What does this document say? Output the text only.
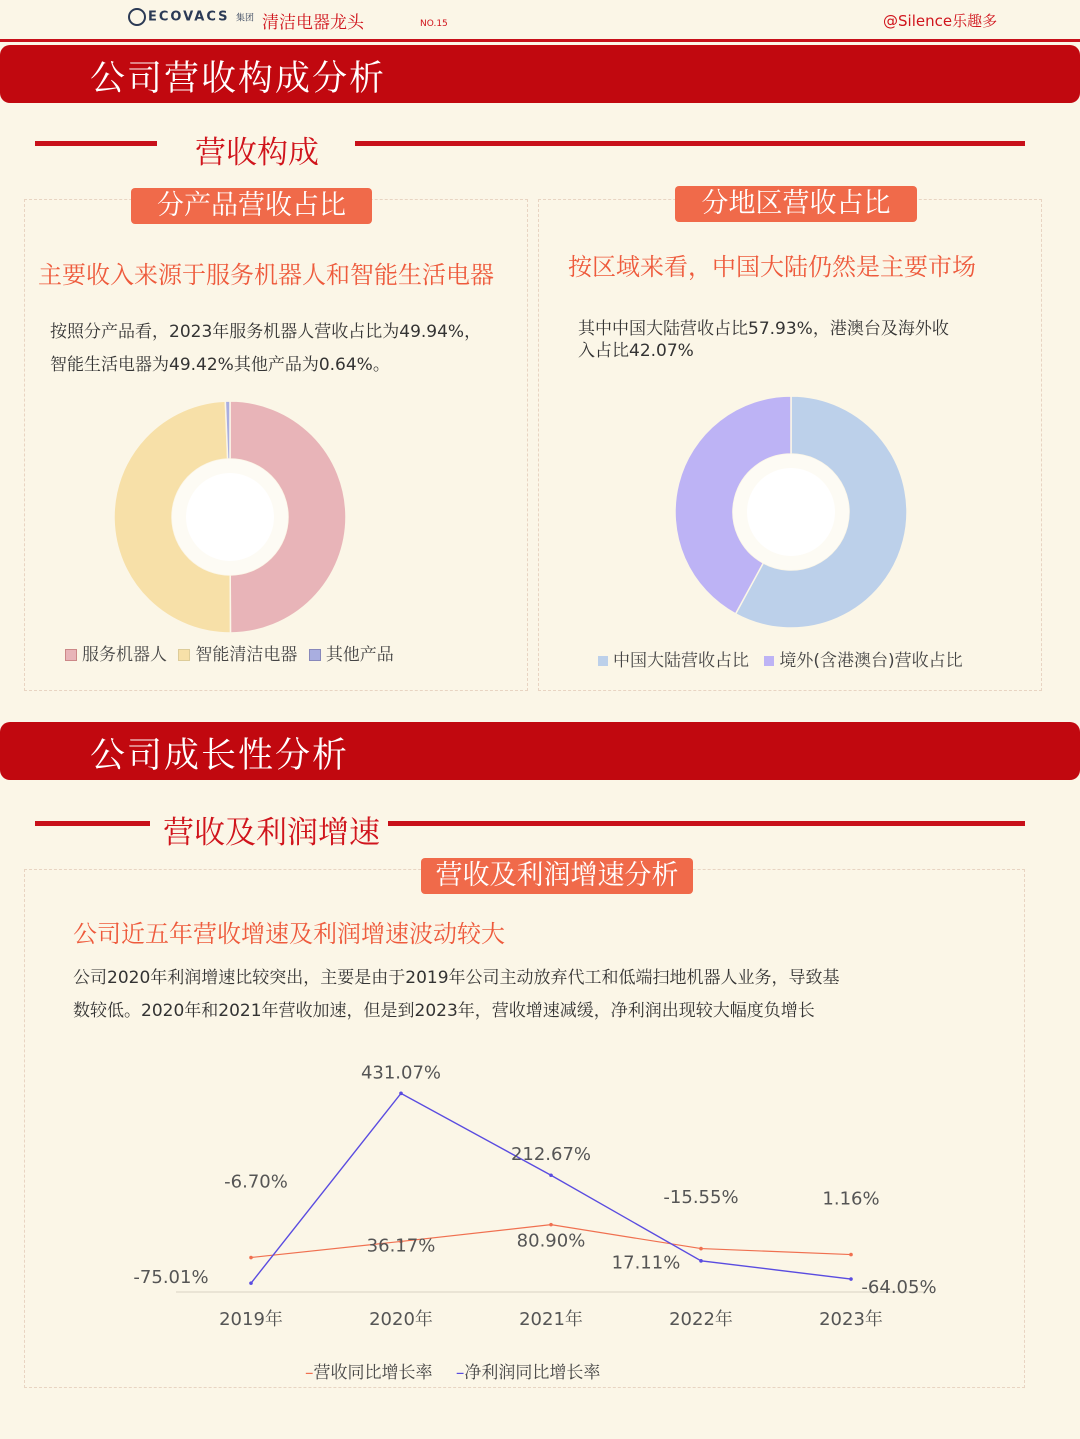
ECOVACS 集团 清洁电器龙头	NO.15	@Silence乐趣多
公司营收构成分析
营收构成
分产品营收占比
主要收入来源于服务机器人和智能生活电器
按照分产品看，2023年服务机器人营收占比为49.94%，
智能生活电器为49.42%其他产品为0.64%。
服务机器人 智能清洁电器 其他产品
分地区营收占比
按区域来看，中国大陆仍然是主要市场
其中中国大陆营收占比57.93%，港澳台及海外收
入占比42.07%
中国大陆营收占比 境外(含港澳台)营收占比
公司成长性分析
营收及利润增速
营收及利润增速分析
公司近五年营收增速及利润增速波动较大
公司2020年利润增速比较突出，主要是由于2019年公司主动放弃代工和低端扫地机器人业务，导致基
数较低。2020年和2021年营收加速，但是到2023年，营收增速减缓，净利润出现较大幅度负增长
2019年	2020年	2021年	2022年	2023年
-6.70%
36.17%	80.90%
17.11%
1.16%
-75.01%
431.07%
212.67%
-15.55%
-64.05%
–营收同比增长率 –净利润同比增长率
